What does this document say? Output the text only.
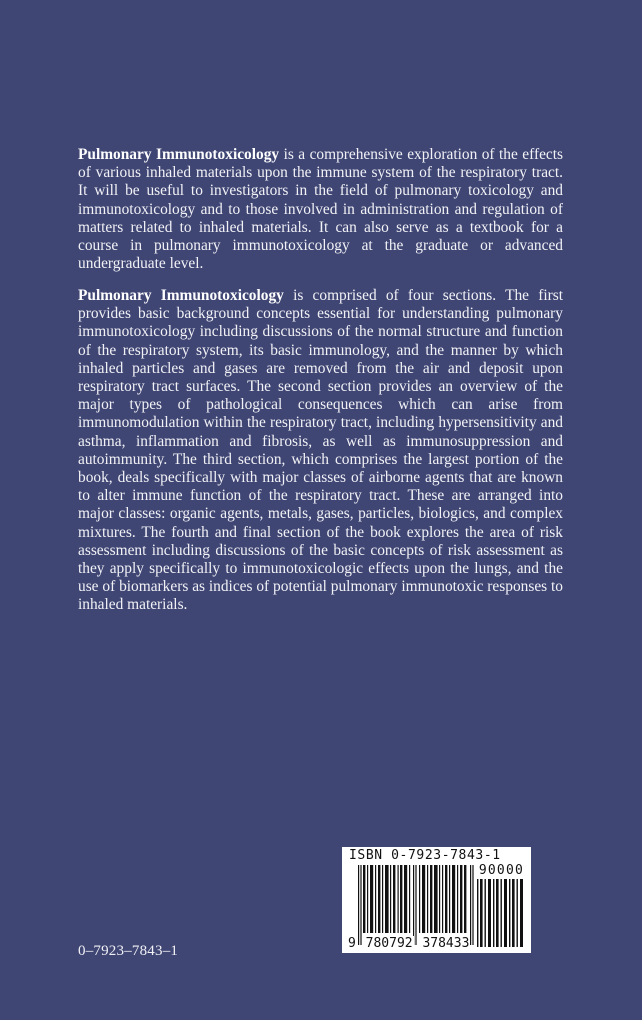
Pulmonary Immunotoxicology is a comprehensive exploration of the effects of various inhaled materials upon the immune system of the respiratory tract. It will be useful to investigators in the field of pulmonary toxicology and immunotoxicology and to those involved in administration and regulation of matters related to inhaled materials. It can also serve as a textbook for a course in pulmonary immunotoxicology at the graduate or advanced undergraduate level.

Pulmonary Immunotoxicology is comprised of four sections. The first provides basic background concepts essential for understanding pulmonary immunotoxicology including discussions of the normal structure and function of the respiratory system, its basic immunology, and the manner by which inhaled particles and gases are removed from the air and deposit upon respiratory tract surfaces. The second section provides an overview of the major types of pathological consequences which can arise from immunomodulation within the respiratory tract, including hypersensitivity and asthma, inflammation and fibrosis, as well as immunosuppression and autoimmunity. The third section, which comprises the largest portion of the book, deals specifically with major classes of airborne agents that are known to alter immune function of the respiratory tract. These are arranged into major classes: organic agents, metals, gases, particles, biologics, and complex mixtures. The fourth and final section of the book explores the area of risk assessment including discussions of the basic concepts of risk assessment as they apply specifically to immunotoxicologic effects upon the lungs, and the use of biomarkers as indices of potential pulmonary immunotoxic responses to inhaled materials.

0–7923–7843–1
ISBN 0-7923-7843-1
90000
9 780792 378433
